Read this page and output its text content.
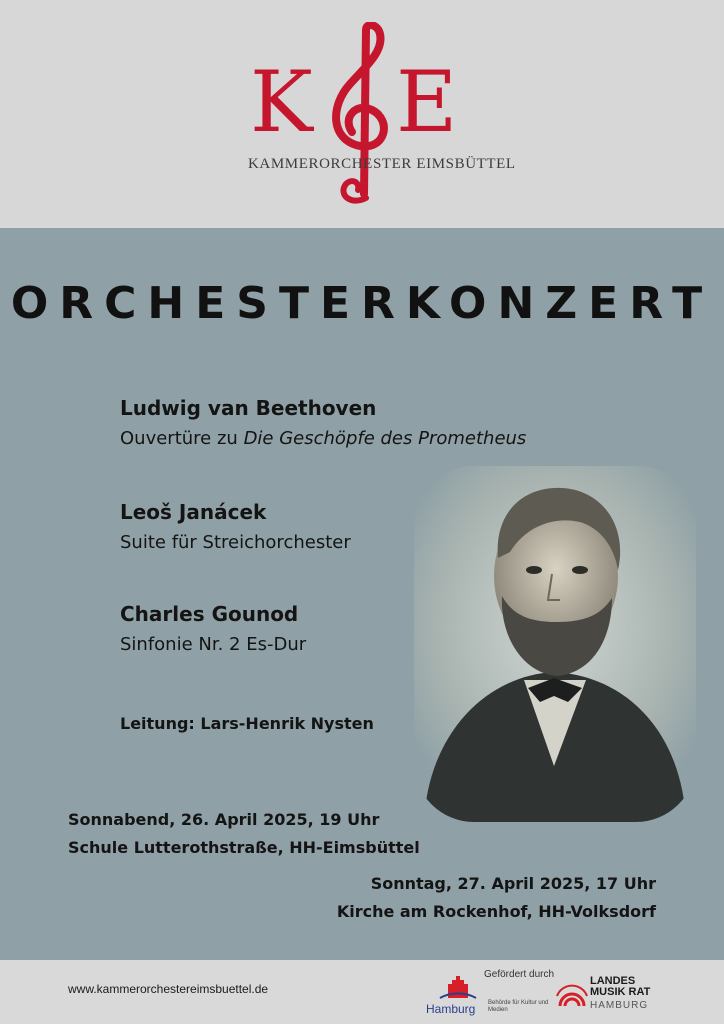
K E
KAMMERORCHESTER EIMSBÜTTEL
ORCHESTERKONZERT
Ludwig van Beethoven
Ouvertüre zu Die Geschöpfe des Prometheus
Leoš Janácek
Suite für Streichorchester
Charles Gounod
Sinfonie Nr. 2 Es-Dur
Leitung: Lars-Henrik Nysten
Sonnabend, 26. April 2025, 19 Uhr
Schule Lutterothstraße, HH-Eimsbüttel
Sonntag, 27. April 2025, 17 Uhr
Kirche am Rockenhof, HH-Volksdorf
www.kammerorchestereimsbuettel.de
Gefördert durch
Hamburg Behörde für Kultur und Medien
LANDES
MUSIK RAT
HAMBURG
